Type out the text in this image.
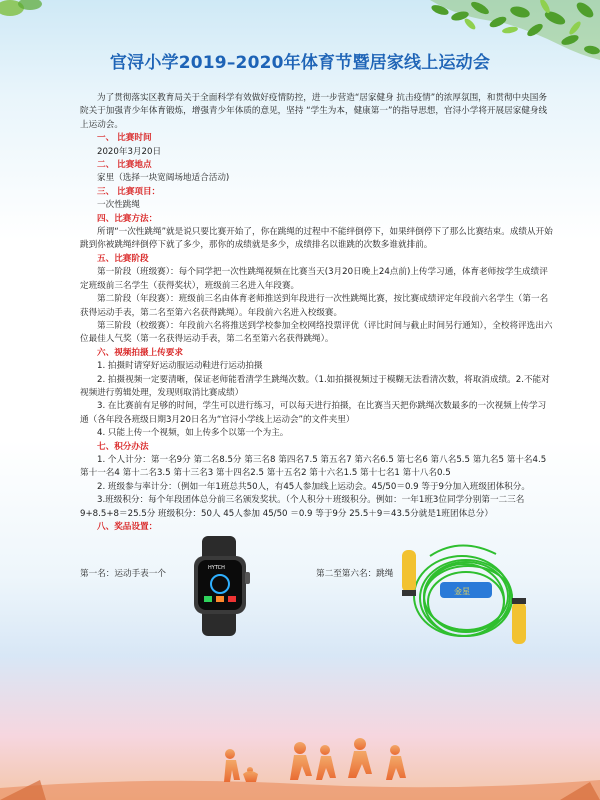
官浔小学2019–2020年体育节暨居家线上运动会

为了贯彻落实区教育局关于全面科学有效做好疫情防控，进一步营造“居家健身 抗击疫情”的浓厚氛围，和贯彻中央国务院关于加强青少年体育锻炼，增强青少年体质的意见，坚持 “学生为本，健康第一”的指导思想，官浔小学将开展居家健身线上运动会。

一、 比赛时间

2020年3月20日

二、 比赛地点

家里（选择一块宽阔场地适合活动)

三、 比赛项目：

一次性跳绳

四、比赛方法：

所谓“一次性跳绳”就是说只要比赛开始了，你在跳绳的过程中不能绊倒停下，如果绊倒停下了那么比赛结束。成绩从开始跳到你被跳绳绊倒停下就了多少，那你的成绩就是多少，成绩排名以谁跳的次数多谁就排前。

五、比赛阶段

第一阶段（班级赛）：每个同学把一次性跳绳视频在比赛当天(3月20日晚上24点前)上传学习通，体育老师按学生成绩评定班级前三名学生（获得奖状），班级前三名进入年段赛。

第二阶段（年段赛）：班级前三名由体育老师推送到年段进行一次性跳绳比赛，按比赛成绩评定年段前六名学生（第一名获得运动手表，第二名至第六名获得跳绳）。年段前六名进入校级赛。

第三阶段（校级赛）：年段前六名将推送到学校参加全校网络投票评优（评比时间与截止时间另行通知），全校将评选出六位最佳人气奖（第一名获得运动手表，第二名至第六名获得跳绳）。

六、视频拍摄上传要求

1. 拍摄时请穿好运动服运动鞋进行运动拍摄

2. 拍摄视频一定要清晰，保证老师能看清学生跳绳次数。（1.如拍摄视频过于模糊无法看清次数，将取消成绩。2.不能对视频进行剪辑处理，发现则取消比赛成绩）

3. 在比赛前有足够的时间，学生可以进行练习，可以每天进行拍摄，在比赛当天把你跳绳次数最多的一次视频上传学习通（各年段各班级日期3月20日名为“官浔小学线上运动会”的文件夹里）

4. 只能上传一个视频，如上传多个以第一个为主。

七、积分办法

1. 个人计分：第一名9分 第二名8.5分 第三名8 第四名7.5 第五名7 第六名6.5 第七名6 第八名5.5 第九名5 第十名4.5 第十一名4 第十二名3.5 第十三名3 第十四名2.5 第十五名2 第十六名1.5 第十七名1 第十八名0.5

2. 班级参与率计分：（例如一年1班总共50人，有45人参加线上运动会。45/50＝0.9 等于9分加入班级团体积分。

3.班级积分：每个年段团体总分前三名颁发奖状。（个人积分＋班级积分。例如：一年1班3位同学分别第一二三名9+8.5+8＝25.5分 班级积分：50人 45人参加 45/50 ＝0.9 等于9分 25.5＋9＝43.5分就是1班团体总分）

八、奖品设置：

第一名：运动手表一个
HYTCH
第二至第六名：跳绳
金星
